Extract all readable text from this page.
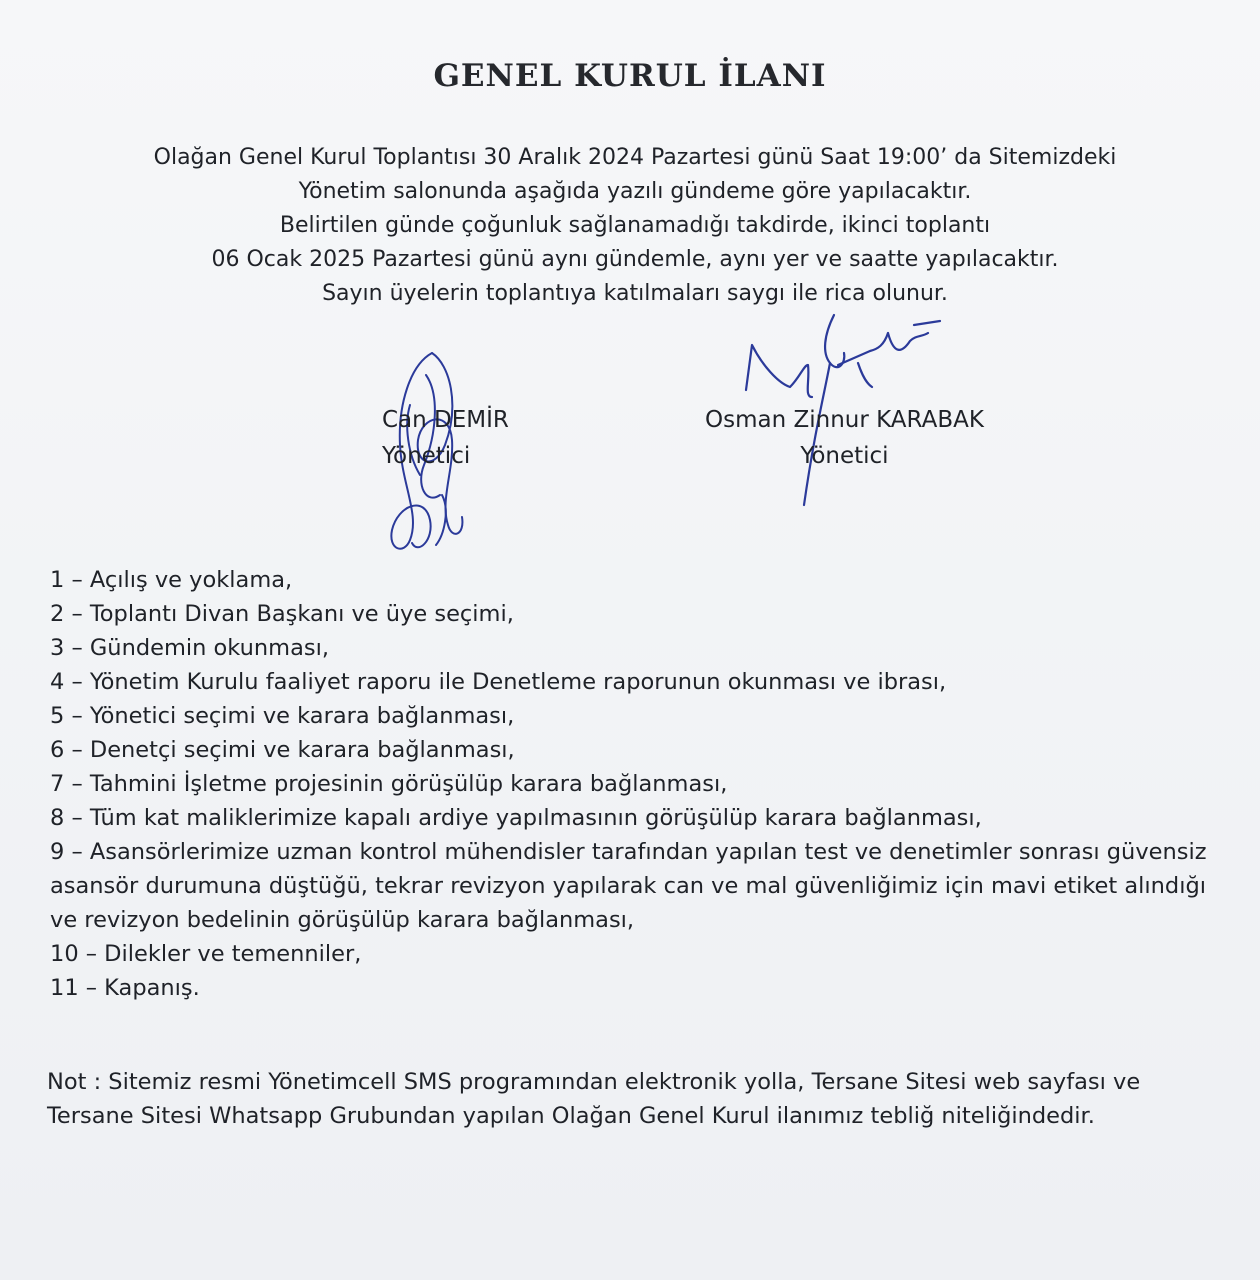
GENEL KURUL İLANI
Olağan Genel Kurul Toplantısı 30 Aralık 2024 Pazartesi günü Saat 19:00’ da Sitemizdeki
Yönetim salonunda aşağıda yazılı gündeme göre yapılacaktır.
Belirtilen günde çoğunluk sağlanamadığı takdirde, ikinci toplantı
06 Ocak 2025 Pazartesi günü aynı gündemle, aynı yer ve saatte yapılacaktır.
Sayın üyelerin toplantıya katılmaları saygı ile rica olunur.
Can DEMİR
Yönetici
Osman Zinnur KARABAK
Yönetici
1 – Açılış ve yoklama,
2 – Toplantı Divan Başkanı ve üye seçimi,
3 – Gündemin okunması,
4 – Yönetim Kurulu faaliyet raporu ile Denetleme raporunun okunması ve ibrası,
5 – Yönetici seçimi ve karara bağlanması,
6 – Denetçi seçimi ve karara bağlanması,
7 – Tahmini İşletme projesinin görüşülüp karara bağlanması,
8 – Tüm kat maliklerimize kapalı ardiye yapılmasının görüşülüp karara bağlanması,
9 – Asansörlerimize uzman kontrol mühendisler tarafından yapılan test ve denetimler sonrası güvensiz asansör durumuna düştüğü, tekrar revizyon yapılarak can ve mal güvenliğimiz için mavi etiket alındığı ve revizyon bedelinin görüşülüp karara bağlanması,
10 – Dilekler ve temenniler,
11 – Kapanış.
Not : Sitemiz resmi Yönetimcell SMS programından elektronik yolla, Tersane Sitesi web sayfası ve Tersane Sitesi Whatsapp Grubundan yapılan Olağan Genel Kurul ilanımız tebliğ niteliğindedir.
